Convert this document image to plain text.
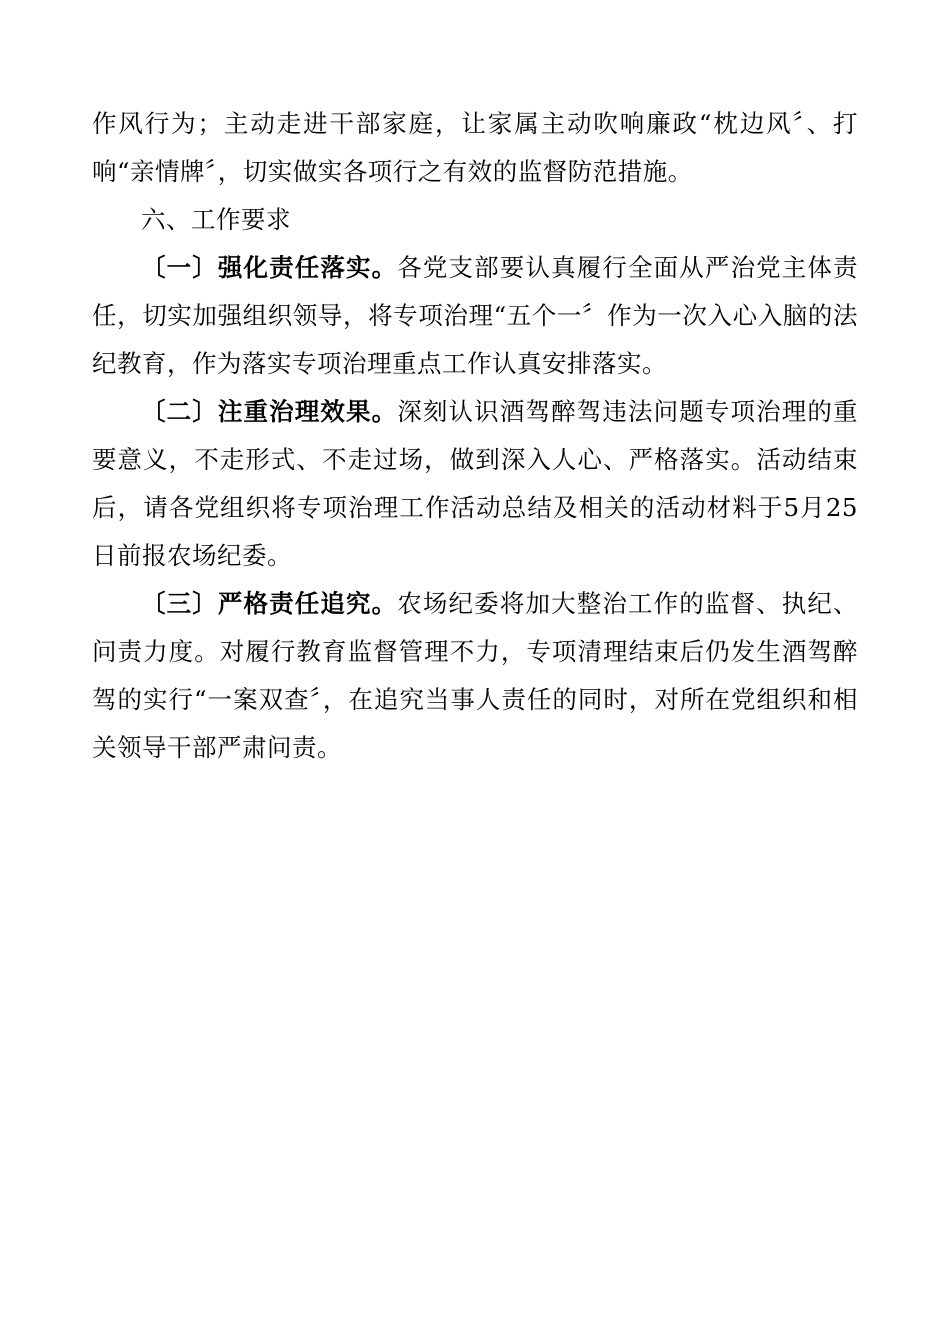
作风行为；主动走进干部家庭，让家属主动吹响廉政“枕边风〞、打响“亲情牌〞，切实做实各项行之有效的监督防范措施。

六、工作要求

〔一〕强化责任落实。各党支部要认真履行全面从严治党主体责任，切实加强组织领导，将专项治理“五个一〞作为一次入心入脑的法纪教育，作为落实专项治理重点工作认真安排落实。

〔二〕注重治理效果。深刻认识酒驾醉驾违法问题专项治理的重要意义，不走形式、不走过场，做到深入人心、严格落实。活动结束后，请各党组织将专项治理工作活动总结及相关的活动材料于5月25日前报农场纪委。

〔三〕严格责任追究。农场纪委将加大整治工作的监督、执纪、问责力度。对履行教育监督管理不力，专项清理结束后仍发生酒驾醉驾的实行“一案双查〞，在追究当事人责任的同时，对所在党组织和相关领导干部严肃问责。
